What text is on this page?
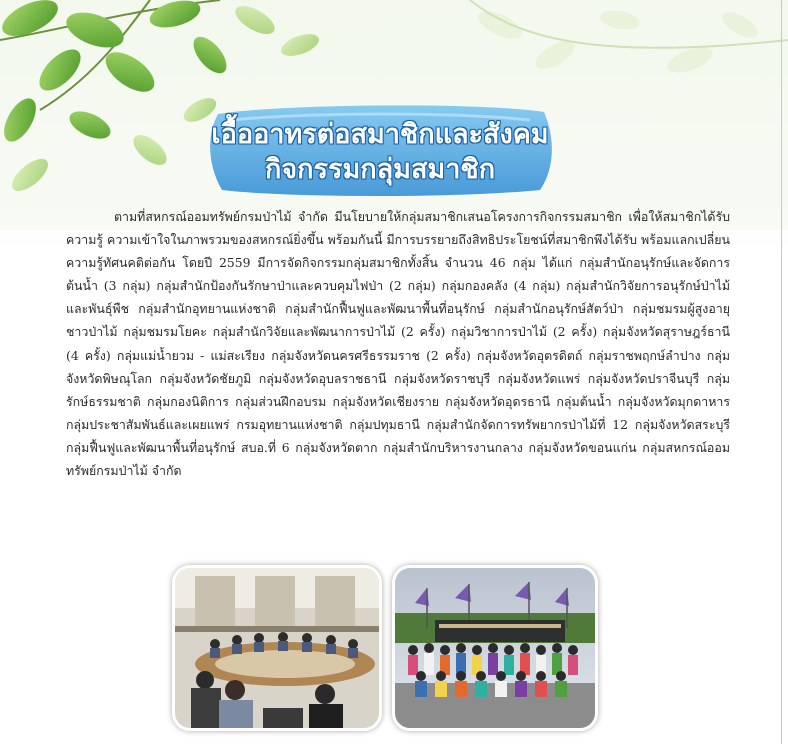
เอื้ออาทรต่อสมาชิกและสังคม
กิจกรรมกลุ่มสมาชิก
ตามที่สหกรณ์ออมทรัพย์กรมป่าไม้ จำกัด มีนโยบายให้กลุ่มสมาชิกเสนอโครงการกิจกรรมสมาชิก เพื่อให้สมาชิกได้รับความรู้ ความเข้าใจในภาพรวมของสหกรณ์ยิ่งขึ้น พร้อมกันนี้ มีการบรรยายถึงสิทธิประโยชน์ที่สมาชิกพึงได้รับ พร้อมแลกเปลี่ยนความรู้ทัศนคติต่อกัน โดยปี 2559 มีการจัดกิจกรรมกลุ่มสมาชิกทั้งสิ้น จำนวน 46 กลุ่ม ได้แก่ กลุ่มสำนักอนุรักษ์และจัดการต้นน้ำ (3 กลุ่ม) กลุ่มสำนักป้องกันรักษาป่าและควบคุมไฟป่า (2 กลุ่ม) กลุ่มกองคลัง (4 กลุ่ม) กลุ่มสำนักวิจัยการอนุรักษ์ป่าไม้และพันธุ์พืช กลุ่มสำนักอุทยานแห่งชาติ กลุ่มสำนักฟื้นฟูและพัฒนาพื้นที่อนุรักษ์ กลุ่มสำนักอนุรักษ์สัตว์ป่า กลุ่มชมรมผู้สูงอายุชาวป่าไม้ กลุ่มชมรมโยคะ กลุ่มสำนักวิจัยและพัฒนาการป่าไม้ (2 ครั้ง) กลุ่มวิชาการป่าไม้ (2 ครั้ง) กลุ่มจังหวัดสุราษฎร์ธานี (4 ครั้ง) กลุ่มแม่น้ำยวม - แม่สะเรียง กลุ่มจังหวัดนครศรีธรรมราช (2 ครั้ง) กลุ่มจังหวัดอุตรดิตถ์ กลุ่มราชพฤกษ์ลำปาง กลุ่มจังหวัดพิษณุโลก กลุ่มจังหวัดชัยภูมิ กลุ่มจังหวัดอุบลราชธานี กลุ่มจังหวัดราชบุรี กลุ่มจังหวัดแพร่ กลุ่มจังหวัดปราจีนบุรี กลุ่มรักษ์ธรรมชาติ กลุ่มกองนิติการ กลุ่มส่วนฝึกอบรม กลุ่มจังหวัดเชียงราย กลุ่มจังหวัดอุดรธานี กลุ่มต้นน้ำ กลุ่มจังหวัดมุกดาหาร กลุ่มประชาสัมพันธ์และเผยแพร่ กรมอุทยานแห่งชาติ กลุ่มปทุมธานี กลุ่มสำนักจัดการทรัพยากรป่าไม้ที่ 12 กลุ่มจังหวัดสระบุรี กลุ่มฟื้นฟูและพัฒนาพื้นที่อนุรักษ์ สบอ.ที่ 6 กลุ่มจังหวัดตาก กลุ่มสำนักบริหารงานกลาง กลุ่มจังหวัดขอนแก่น กลุ่มสหกรณ์ออมทรัพย์กรมป่าไม้ จำกัด
